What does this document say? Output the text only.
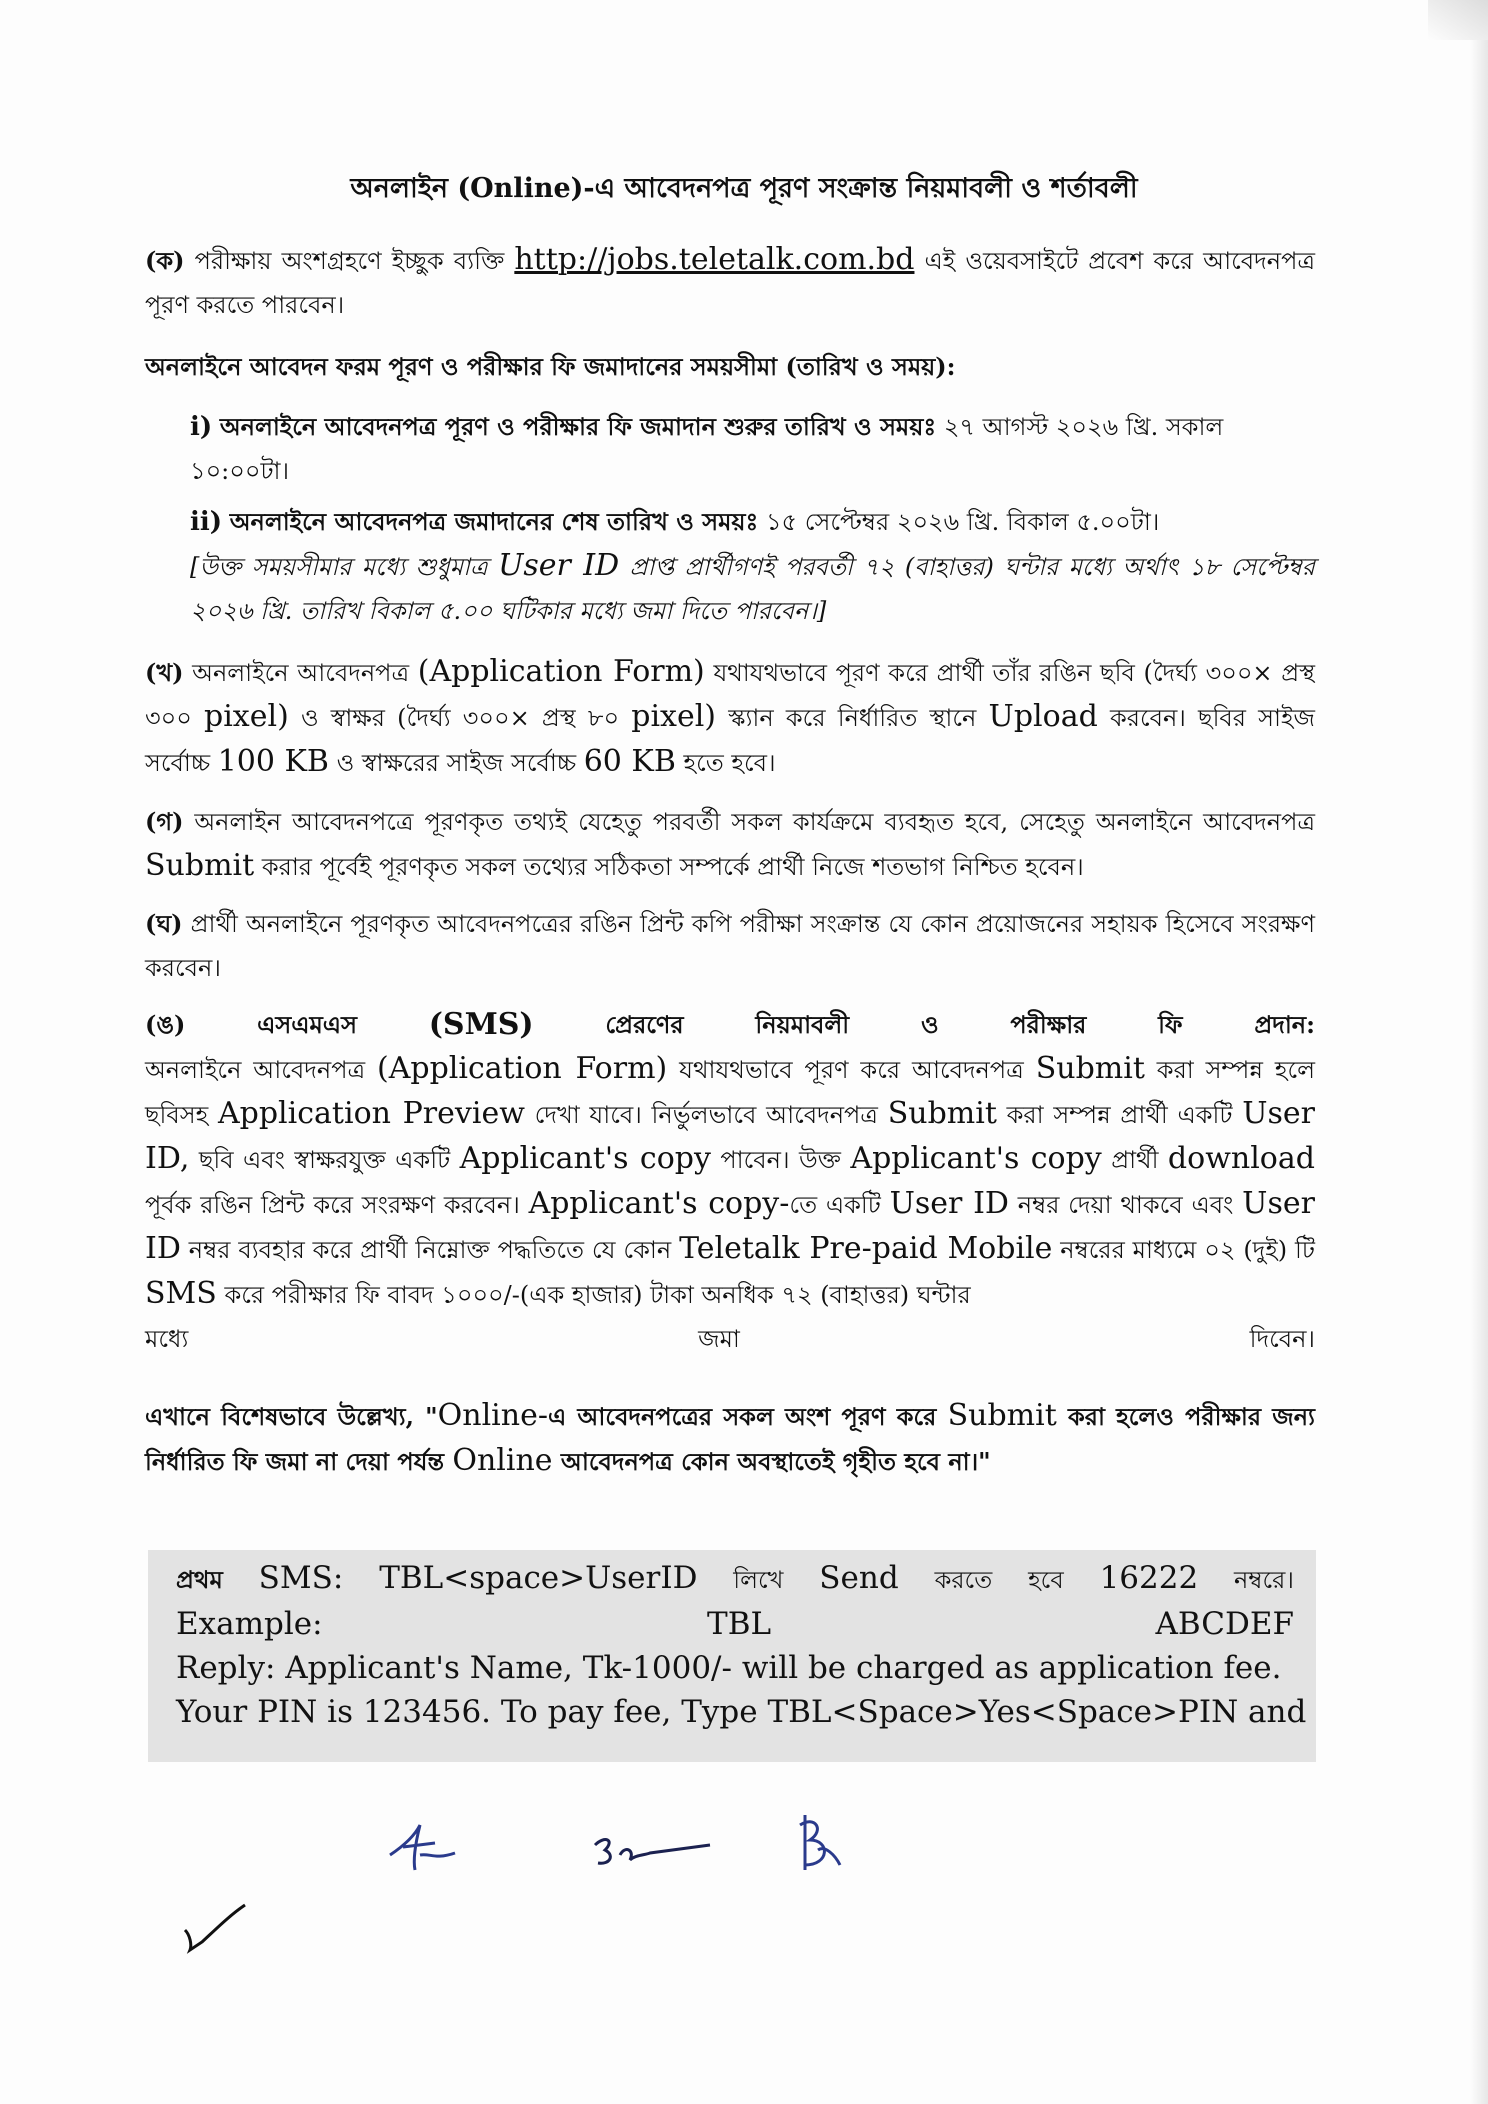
অনলাইন (Online)-এ আবেদনপত্র পূরণ সংক্রান্ত নিয়মাবলী ও শর্তাবলী
(ক) পরীক্ষায় অংশগ্রহণে ইচ্ছুক ব্যক্তি http://jobs.teletalk.com.bd এই ওয়েবসাইটে প্রবেশ করে আবেদনপত্র পূরণ করতে পারবেন।
অনলাইনে আবেদন ফরম পূরণ ও পরীক্ষার ফি জমাদানের সময়সীমা (তারিখ ও সময়):
i) অনলাইনে আবেদনপত্র পূরণ ও পরীক্ষার ফি জমাদান শুরুর তারিখ ও সময়ঃ ২৭ আগস্ট ২০২৬ খ্রি. সকাল ১০:০০টা।
ii) অনলাইনে আবেদনপত্র জমাদানের শেষ তারিখ ও সময়ঃ ১৫ সেপ্টেম্বর ২০২৬ খ্রি. বিকাল ৫.০০টা।
[উক্ত সময়সীমার মধ্যে শুধুমাত্র User ID প্রাপ্ত প্রার্থীগণই পরবর্তী ৭২ (বাহাত্তর) ঘন্টার মধ্যে অর্থাৎ ১৮ সেপ্টেম্বর ২০২৬ খ্রি. তারিখ বিকাল ৫.০০ ঘটিকার মধ্যে জমা দিতে পারবেন।]
(খ) অনলাইনে আবেদনপত্র (Application Form) যথাযথভাবে পূরণ করে প্রার্থী তাঁর রঙিন ছবি (দৈর্ঘ্য ৩০০× প্রস্থ ৩০০ pixel) ও স্বাক্ষর (দৈর্ঘ্য ৩০০× প্রস্থ ৮০ pixel) স্ক্যান করে নির্ধারিত স্থানে Upload করবেন। ছবির সাইজ সর্বোচ্চ 100 KB ও স্বাক্ষরের সাইজ সর্বোচ্চ 60 KB হতে হবে।
(গ) অনলাইন আবেদনপত্রে পূরণকৃত তথ্যই যেহেতু পরবর্তী সকল কার্যক্রমে ব্যবহৃত হবে, সেহেতু অনলাইনে আবেদনপত্র Submit করার পূর্বেই পূরণকৃত সকল তথ্যের সঠিকতা সম্পর্কে প্রার্থী নিজে শতভাগ নিশ্চিত হবেন।
(ঘ) প্রার্থী অনলাইনে পূরণকৃত আবেদনপত্রের রঙিন প্রিন্ট কপি পরীক্ষা সংক্রান্ত যে কোন প্রয়োজনের সহায়ক হিসেবে সংরক্ষণ করবেন।
(ঙ)	এসএমএস (SMS)	প্রেরণের	নিয়মাবলী	ও	পরীক্ষার	ফি	প্রদান:
অনলাইনে আবেদনপত্র (Application Form) যথাযথভাবে পূরণ করে আবেদনপত্র Submit করা সম্পন্ন হলে ছবিসহ Application Preview দেখা যাবে। নির্ভুলভাবে আবেদনপত্র Submit করা সম্পন্ন প্রার্থী একটি User ID, ছবি এবং স্বাক্ষরযুক্ত একটি Applicant's copy পাবেন। উক্ত Applicant's copy প্রার্থী download পূর্বক রঙিন প্রিন্ট করে সংরক্ষণ করবেন। Applicant's copy-তে একটি User ID নম্বর দেয়া থাকবে এবং User ID নম্বর ব্যবহার করে প্রার্থী নিম্নোক্ত পদ্ধতিতে যে কোন Teletalk Pre-paid Mobile নম্বরের মাধ্যমে ০২ (দুই) টি SMS করে পরীক্ষার ফি বাবদ ১০০০/-(এক হাজার) টাকা অনধিক ৭২ (বাহাত্তর) ঘন্টার
মধ্যে	জমা	দিবেন।
এখানে বিশেষভাবে উল্লেখ্য, "Online-এ আবেদনপত্রের সকল অংশ পূরণ করে Submit করা হলেও পরীক্ষার জন্য নির্ধারিত ফি জমা না দেয়া পর্যন্ত Online আবেদনপত্র কোন অবস্থাতেই গৃহীত হবে না।"
প্রথম SMS: TBL<space>UserID লিখে Send করতে হবে 16222 নম্বরে।
Example:	TBL	ABCDEF
Reply: Applicant's Name, Tk-1000/- will be charged as application fee.
Your PIN is 123456. To pay fee, Type TBL<Space>Yes<Space>PIN and
